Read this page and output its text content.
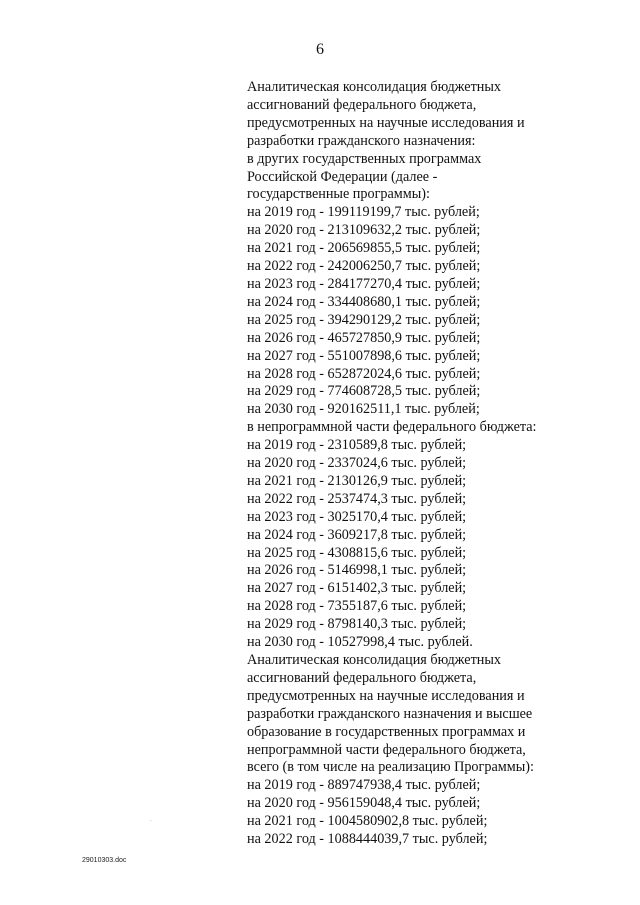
6
Аналитическая консолидация бюджетных
ассигнований федерального бюджета,
предусмотренных на научные исследования и
разработки гражданского назначения:
в других государственных программах
Российской Федерации (далее -
государственные программы):
на 2019 год - 199119199,7 тыс. рублей;
на 2020 год - 213109632,2 тыс. рублей;
на 2021 год - 206569855,5 тыс. рублей;
на 2022 год - 242006250,7 тыс. рублей;
на 2023 год - 284177270,4 тыс. рублей;
на 2024 год - 334408680,1 тыс. рублей;
на 2025 год - 394290129,2 тыс. рублей;
на 2026 год - 465727850,9 тыс. рублей;
на 2027 год - 551007898,6 тыс. рублей;
на 2028 год - 652872024,6 тыс. рублей;
на 2029 год - 774608728,5 тыс. рублей;
на 2030 год - 920162511,1 тыс. рублей;
в непрограммной части федерального бюджета:
на 2019 год - 2310589,8 тыс. рублей;
на 2020 год - 2337024,6 тыс. рублей;
на 2021 год - 2130126,9 тыс. рублей;
на 2022 год - 2537474,3 тыс. рублей;
на 2023 год - 3025170,4 тыс. рублей;
на 2024 год - 3609217,8 тыс. рублей;
на 2025 год - 4308815,6 тыс. рублей;
на 2026 год - 5146998,1 тыс. рублей;
на 2027 год - 6151402,3 тыс. рублей;
на 2028 год - 7355187,6 тыс. рублей;
на 2029 год - 8798140,3 тыс. рублей;
на 2030 год - 10527998,4 тыс. рублей.
Аналитическая консолидация бюджетных
ассигнований федерального бюджета,
предусмотренных на научные исследования и
разработки гражданского назначения и высшее
образование в государственных программах и
непрограммной части федерального бюджета,
всего (в том числе на реализацию Программы):
на 2019 год - 889747938,4 тыс. рублей;
на 2020 год - 956159048,4 тыс. рублей;
на 2021 год - 1004580902,8 тыс. рублей;
на 2022 год - 1088444039,7 тыс. рублей;
·
29010303.doc
